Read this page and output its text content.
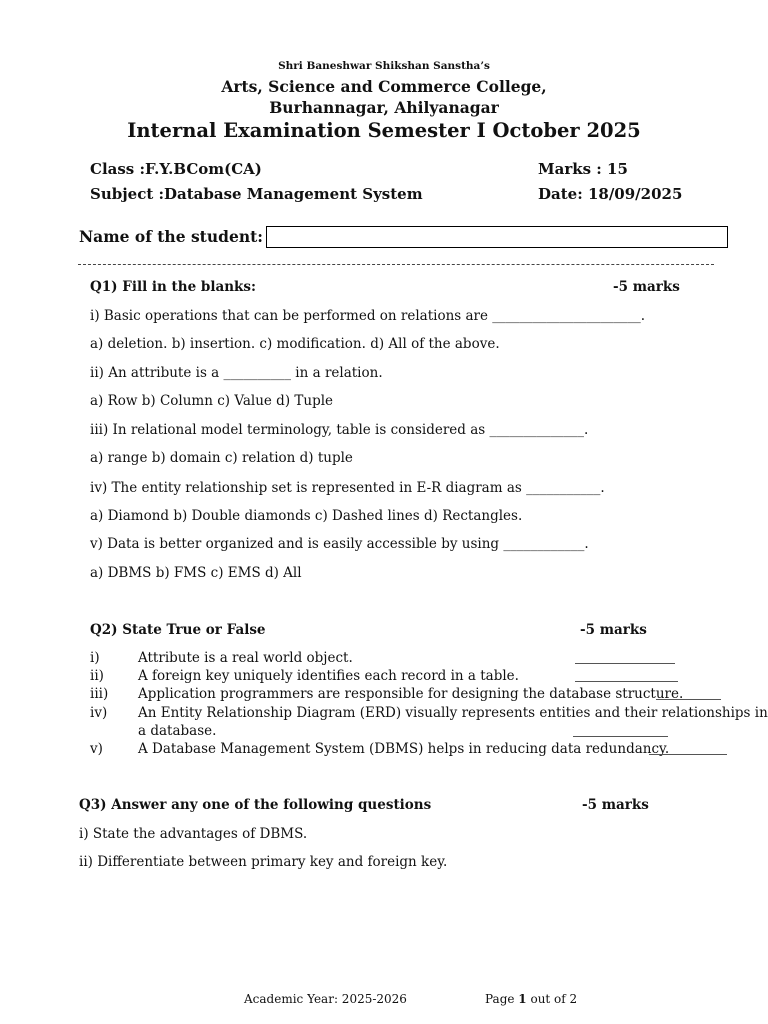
Shri Baneshwar Shikshan Sanstha’s
Arts, Science and Commerce College,
Burhannagar, Ahilyanagar
Internal Examination Semester I October 2025
Class :F.Y.BCom(CA)	Marks : 15
Subject :Database Management System	Date: 18/09/2025
Name of the student:
Q1) Fill in the blanks:	-5 marks
i) Basic operations that can be performed on relations are ______________________.
a) deletion. b) insertion. c) modification. d) All of the above.
ii) An attribute is a __________ in a relation.
a) Row b) Column c) Value d) Tuple
iii) In relational model terminology, table is considered as ______________.
a) range b) domain c) relation d) tuple
iv) The entity relationship set is represented in E-R diagram as ___________.
a) Diamond b) Double diamonds c) Dashed lines d) Rectangles.
v) Data is better organized and is easily accessible by using ____________.
a) DBMS b) FMS c) EMS d) All
Q2) State True or False	-5 marks
i)	Attribute is a real world object.
ii)	A foreign key uniquely identifies each record in a table.
iii) Application programmers are responsible for designing the database structure.
iv) An Entity Relationship Diagram (ERD) visually represents entities and their relationships in
a database.
v)	A Database Management System (DBMS) helps in reducing data redundancy.
Q3) Answer any one of the following questions	-5 marks
i) State the advantages of DBMS.
ii) Differentiate between primary key and foreign key.
Academic Year: 2025-2026	Page 1 out of 2
